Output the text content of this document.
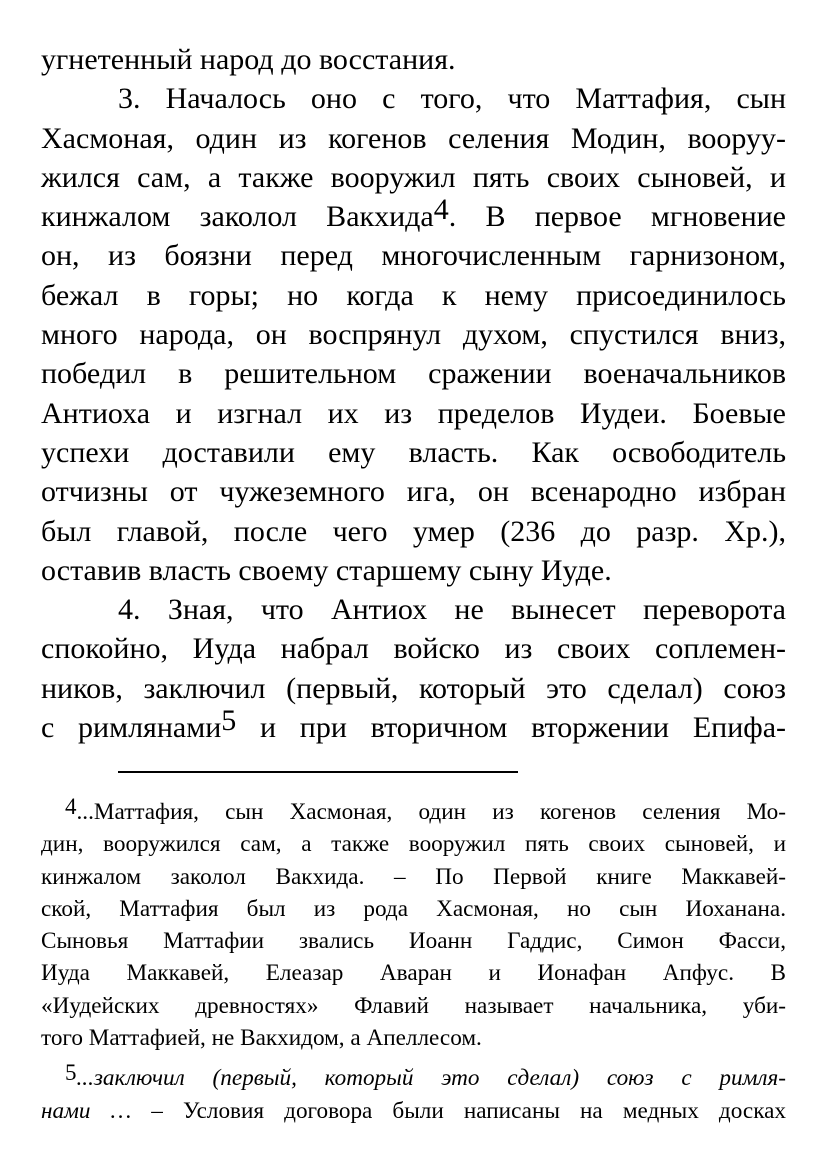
угнетенный народ до восстания.
3. Началось оно с того, что Маттафия, сын
Хасмоная, один из когенов селения Модин, вооруу-
жился сам, а также вооружил пять своих сыновей, и
кинжалом заколол Вакхида$^4$. В первое мгновение
он, из боязни перед многочисленным гарнизоном,
бежал в горы; но когда к нему присоединилось
много народа, он воспрянул духом, спустился вниз,
победил в решительном сражении военачальников
Антиоха и изгнал их из пределов Иудеи. Боевые
успехи доставили ему власть. Как освободитель
отчизны от чужеземного ига, он всенародно избран
был главой, после чего умер (236 до разр. Хр.),
оставив власть своему старшему сыну Иуде.
4. Зная, что Антиох не вынесет переворота
спокойно, Иуда набрал войско из своих соплемен-
ников, заключил (первый, который это сделал) союз
с римлянами$^5$ и при вторичном вторжении Епифа-
$^4$...Маттафия, сын Хасмоная, один из когенов селения Мо-
дин, вооружился сам, а также вооружил пять своих сыновей, и
кинжалом заколол Вакхида. – По Первой книге Маккавей-
ской, Маттафия был из рода Хасмоная, но сын Иоханана.
Сыновья Маттафии звались Иоанн Гаддис, Симон Фасси,
Иуда Маккавей, Елеазар Аваран и Ионафан Апфус. В
«Иудейских древностях» Флавий называет начальника, уби-
того Маттафией, не Вакхидом, а Апеллесом.
$^5$...заключил (первый, который это сделал) союз с римля-
нами … – Условия договора были написаны на медных досках
